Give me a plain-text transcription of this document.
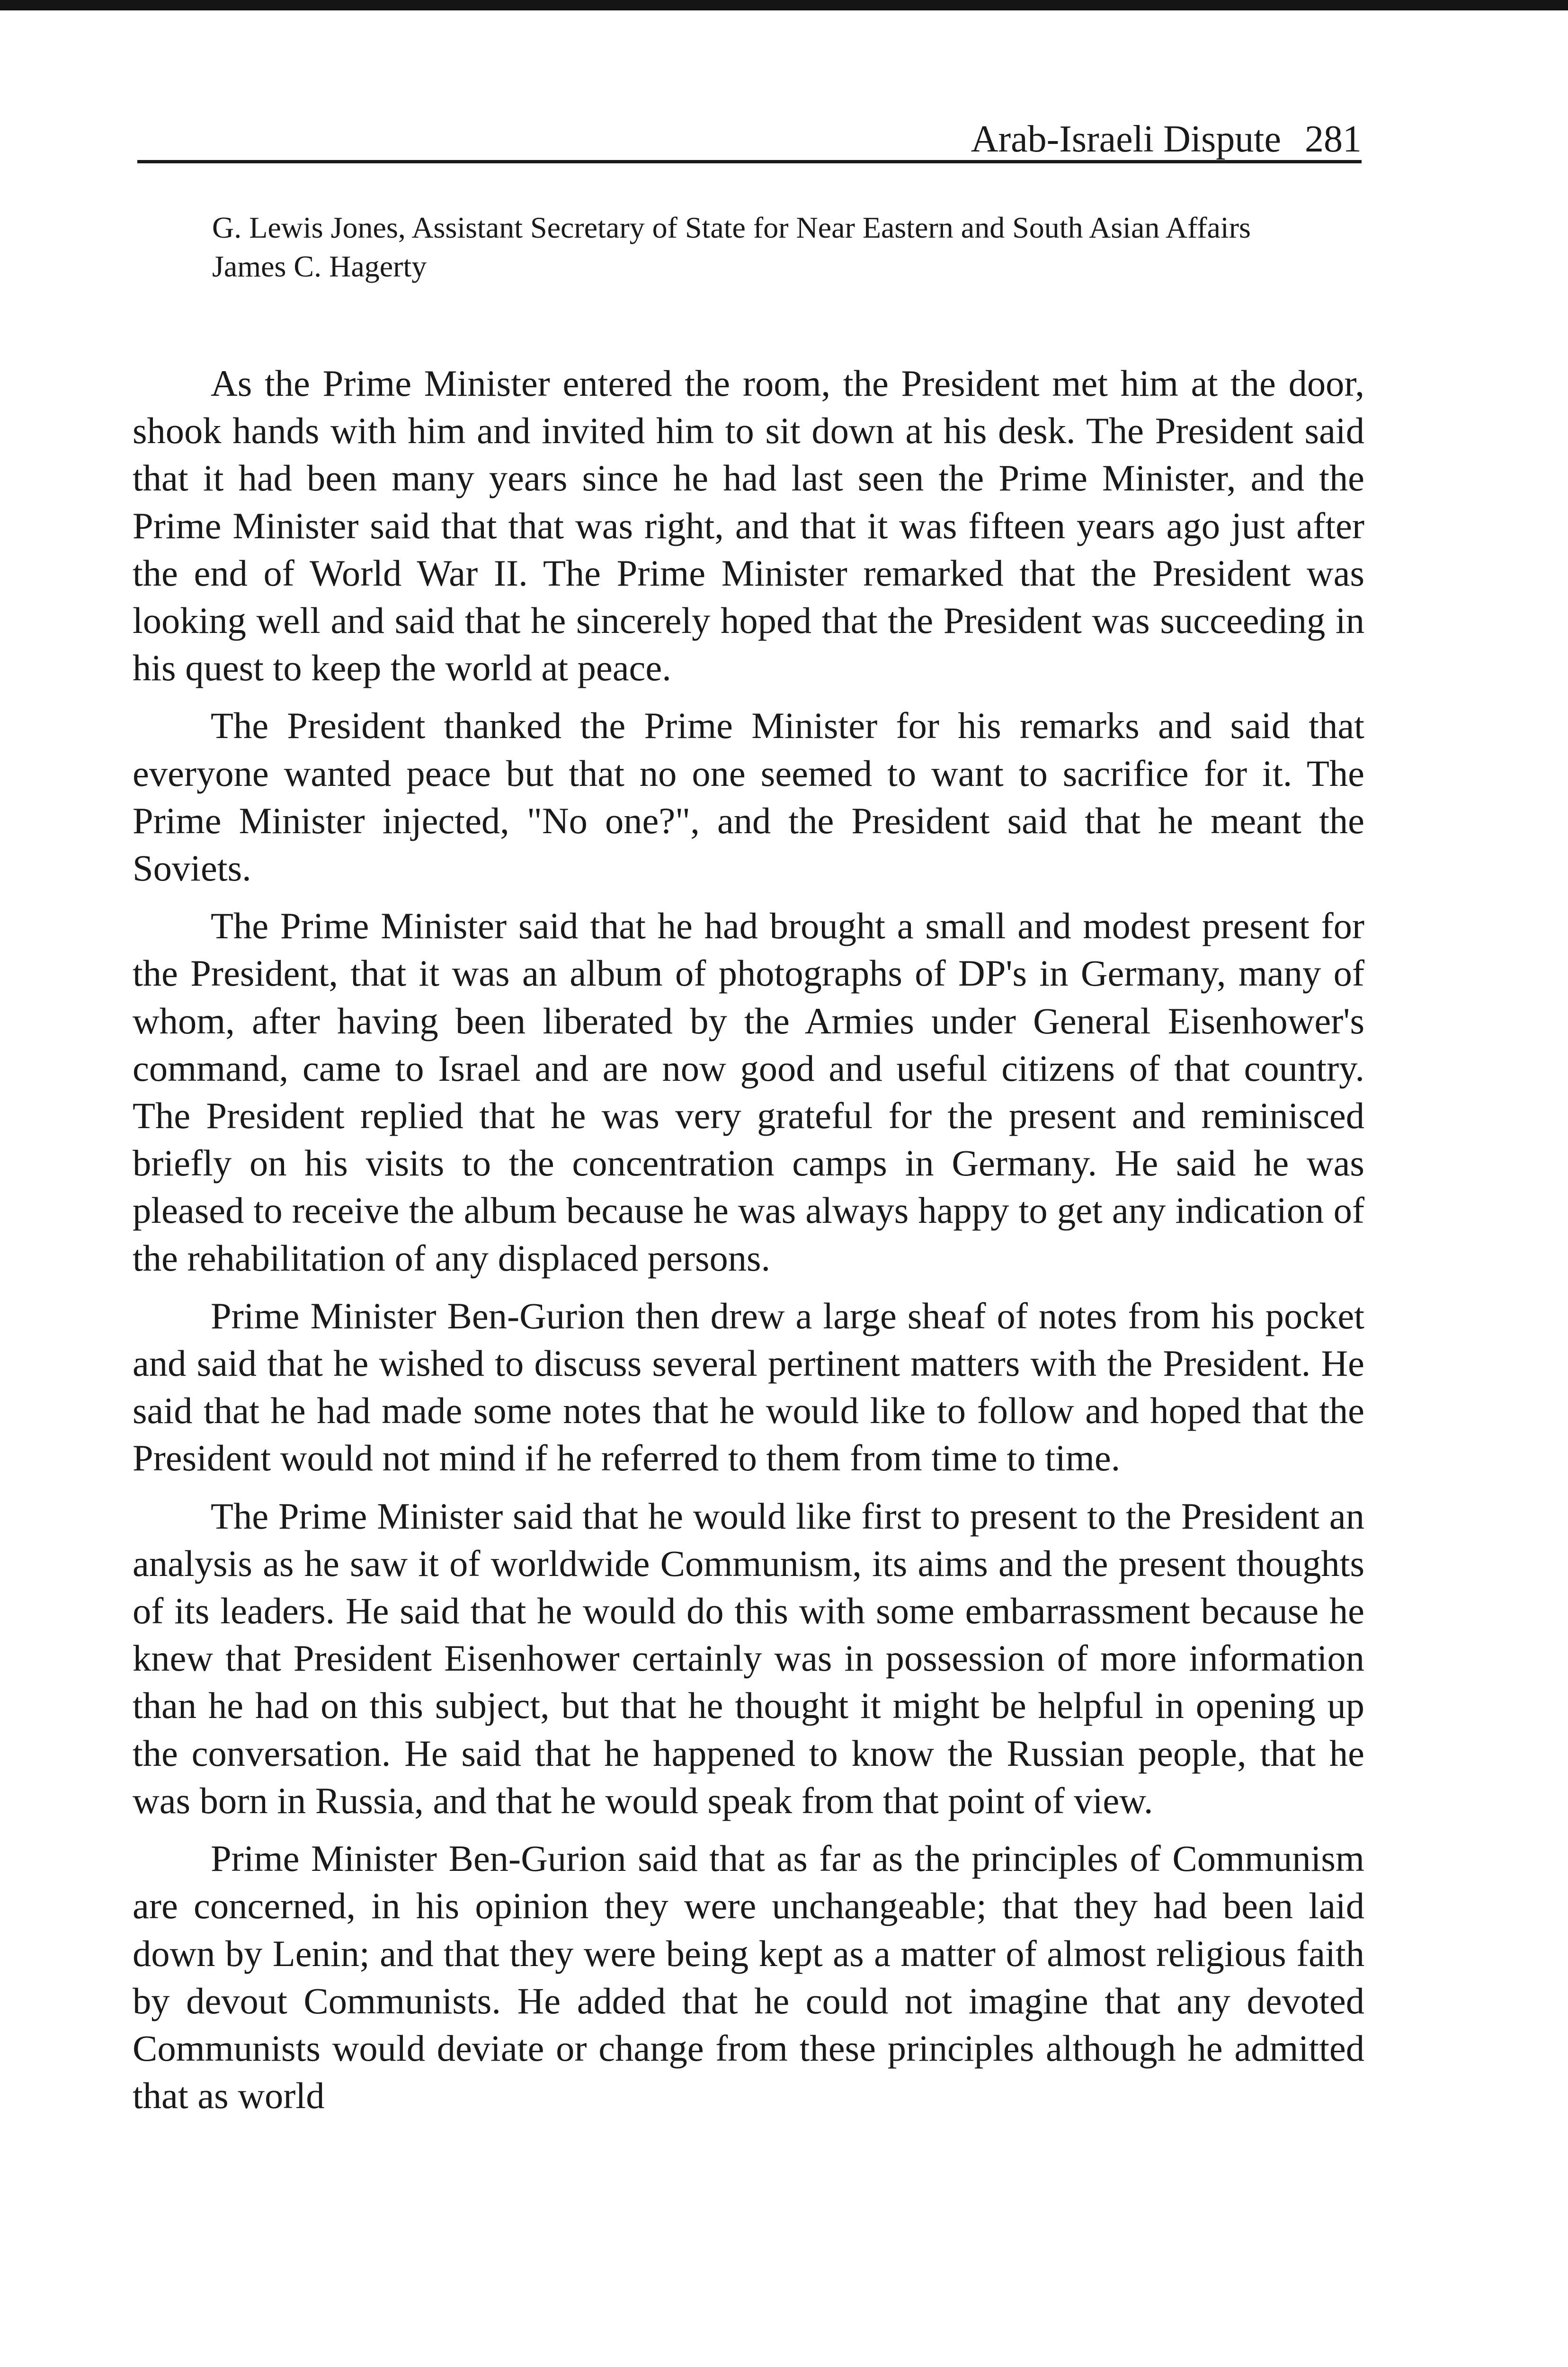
Arab-Israeli Dispute 281
G. Lewis Jones, Assistant Secretary of State for Near Eastern and South Asian Affairs
James C. Hagerty

As the Prime Minister entered the room, the President met him at the door, shook hands with him and invited him to sit down at his desk. The President said that it had been many years since he had last seen the Prime Minister, and the Prime Minister said that that was right, and that it was fifteen years ago just after the end of World War II. The Prime Minister remarked that the President was looking well and said that he sincerely hoped that the President was succeeding in his quest to keep the world at peace.

The President thanked the Prime Minister for his remarks and said that everyone wanted peace but that no one seemed to want to sacrifice for it. The Prime Minister injected, "No one?", and the President said that he meant the Soviets.

The Prime Minister said that he had brought a small and modest present for the President, that it was an album of photographs of DP's in Germany, many of whom, after having been liberated by the Armies under General Eisenhower's command, came to Israel and are now good and useful citizens of that country. The President replied that he was very grateful for the present and reminisced briefly on his visits to the concentration camps in Germany. He said he was pleased to receive the album because he was always happy to get any indication of the rehabilitation of any displaced persons.

Prime Minister Ben-Gurion then drew a large sheaf of notes from his pocket and said that he wished to discuss several pertinent matters with the President. He said that he had made some notes that he would like to follow and hoped that the President would not mind if he referred to them from time to time.

The Prime Minister said that he would like first to present to the President an analysis as he saw it of worldwide Communism, its aims and the present thoughts of its leaders. He said that he would do this with some embarrassment because he knew that President Eisenhower certainly was in possession of more information than he had on this subject, but that he thought it might be helpful in opening up the conversation. He said that he happened to know the Russian people, that he was born in Russia, and that he would speak from that point of view.

Prime Minister Ben-Gurion said that as far as the principles of Communism are concerned, in his opinion they were unchangeable; that they had been laid down by Lenin; and that they were being kept as a matter of almost religious faith by devout Communists. He added that he could not imagine that any devoted Communists would deviate or change from these principles although he admitted that as world
